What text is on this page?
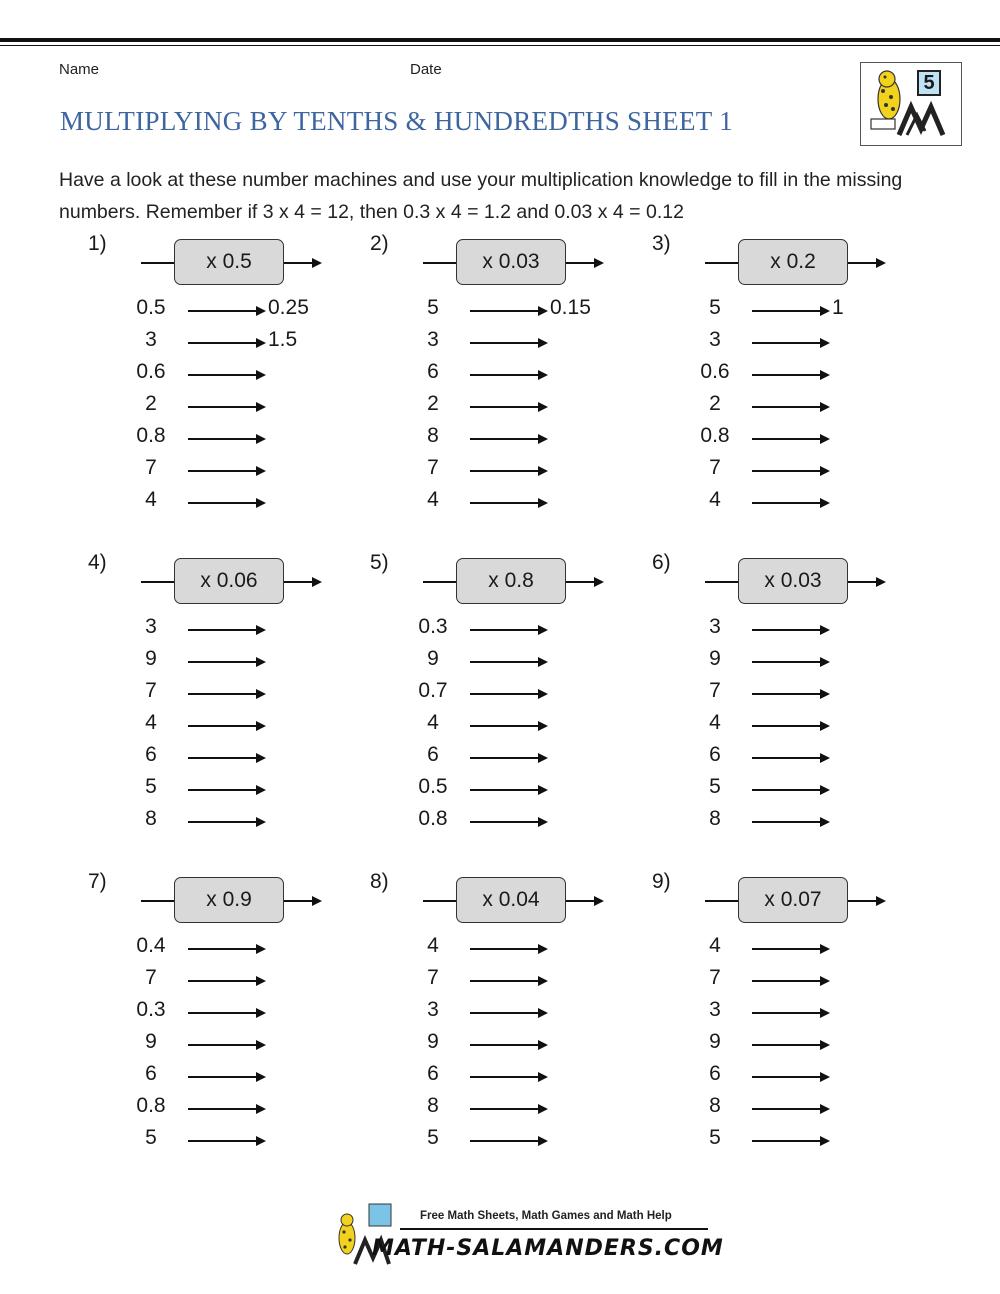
Name	Date
MULTIPLYING BY TENTHS & HUNDREDTHS SHEET 1
5
Have a look at these number machines and use your multiplication knowledge to fill in the missing numbers. Remember if 3 x 4 = 12, then 0.3 x 4 = 1.2 and 0.03 x 4 = 0.12
1)
x 0.5
0.5	0.25
3	1.5
0.6
2
0.8
7
4
2)
x 0.03
5	0.15
3
6
2
8
7
4
3)
x 0.2
5	1
3
0.6
2
0.8
7
4
4)
x 0.06
3
9
7
4
6
5
8
5)
x 0.8
0.3
9
0.7
4
6
0.5
0.8
6)
x 0.03
3
9
7
4
6
5
8
7)
x 0.9
0.4
7
0.3
9
6
0.8
5
8)
x 0.04
4
7
3
9
6
8
5
9)
x 0.07
4
7
3
9
6
8
5
Free Math Sheets, Math Games and Math Help
MATH-SALAMANDERS.COM
